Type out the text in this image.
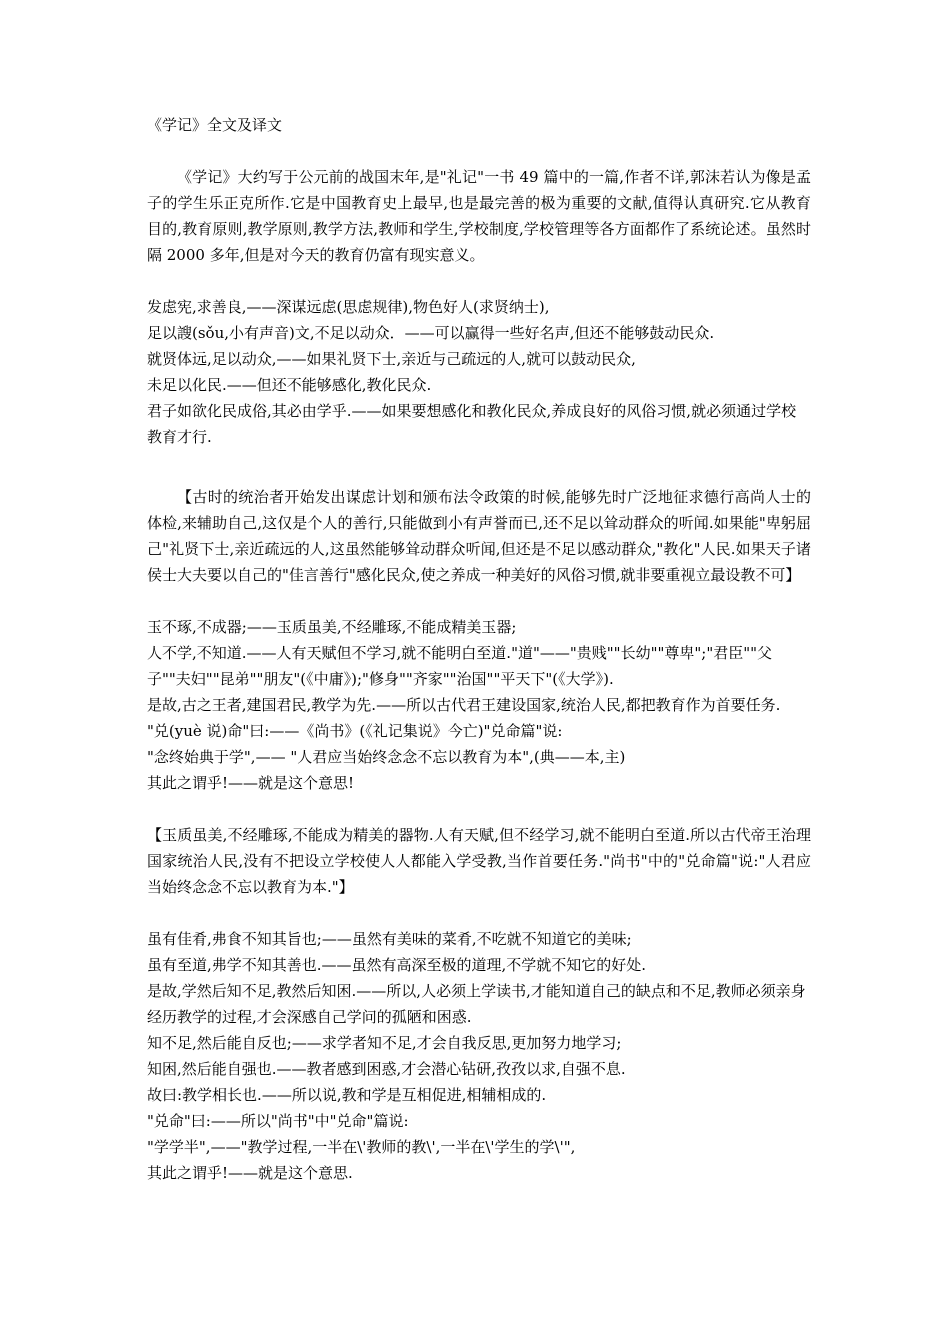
《学记》全文及译文

《学记》大约写于公元前的战国末年,是"礼记"一书 49 篇中的一篇,作者不详,郭沫若认为像是孟子的学生乐正克所作.它是中国教育史上最早,也是最完善的极为重要的文献,值得认真研究.它从教育目的,教育原则,教学原则,教学方法,教师和学生,学校制度,学校管理等各方面都作了系统论述。虽然时隔 2000 多年,但是对今天的教育仍富有现实意义。

发虑宪,求善良,——深谋远虑(思虑规律),物色好人(求贤纳士),

足以謏(sǒu,小有声音)文,不足以动众．——可以赢得一些好名声,但还不能够鼓动民众.

就贤体远,足以动众,——如果礼贤下士,亲近与己疏远的人,就可以鼓动民众,

未足以化民.——但还不能够感化,教化民众.

君子如欲化民成俗,其必由学乎.——如果要想感化和教化民众,养成良好的风俗习惯,就必须通过学校教育才行.

【古时的统治者开始发出谋虑计划和颁布法令政策的时候,能够先时广泛地征求德行高尚人士的体检,来辅助自己,这仅是个人的善行,只能做到小有声誉而已,还不足以耸动群众的听闻.如果能"卑躬屈己"礼贤下士,亲近疏远的人,这虽然能够耸动群众听闻,但还是不足以感动群众,"教化"人民.如果天子诸侯士大夫要以自己的"佳言善行"感化民众,使之养成一种美好的风俗习惯,就非要重视立最设教不可】

玉不琢,不成器;——玉质虽美,不经雕琢,不能成精美玉器;

人不学,不知道.——人有天赋但不学习,就不能明白至道."道"——"贵贱""长幼""尊卑";"君臣""父子""夫妇""昆弟""朋友"(《中庸》);"修身""齐家""治国""平天下"(《大学》).

是故,古之王者,建国君民,教学为先.——所以古代君王建设国家,统治人民,都把教育作为首要任务.

"兑(yuè 说)命"曰:——《尚书》(《礼记集说》今亡)"兑命篇"说:

"念终始典于学",—— "人君应当始终念念不忘以教育为本",(典——本,主)

其此之谓乎!——就是这个意思!

【玉质虽美,不经雕琢,不能成为精美的器物.人有天赋,但不经学习,就不能明白至道.所以古代帝王治理国家统治人民,没有不把设立学校使人人都能入学受教,当作首要任务."尚书"中的"兑命篇"说:"人君应当始终念念不忘以教育为本."】

虽有佳肴,弗食不知其旨也;——虽然有美味的菜肴,不吃就不知道它的美味;

虽有至道,弗学不知其善也.——虽然有高深至极的道理,不学就不知它的好处.

是故,学然后知不足,教然后知困.——所以,人必须上学读书,才能知道自己的缺点和不足,教师必须亲身经历教学的过程,才会深感自己学问的孤陋和困惑.

知不足,然后能自反也;——求学者知不足,才会自我反思,更加努力地学习;

知困,然后能自强也.——教者感到困惑,才会潜心钻研,孜孜以求,自强不息.

故曰:教学相长也.——所以说,教和学是互相促进,相辅相成的.

"兑命"曰:——所以"尚书"中"兑命"篇说:

"学学半",——"教学过程,一半在\'教师的教\',一半在\'学生的学\'",

其此之谓乎!——就是这个意思.
